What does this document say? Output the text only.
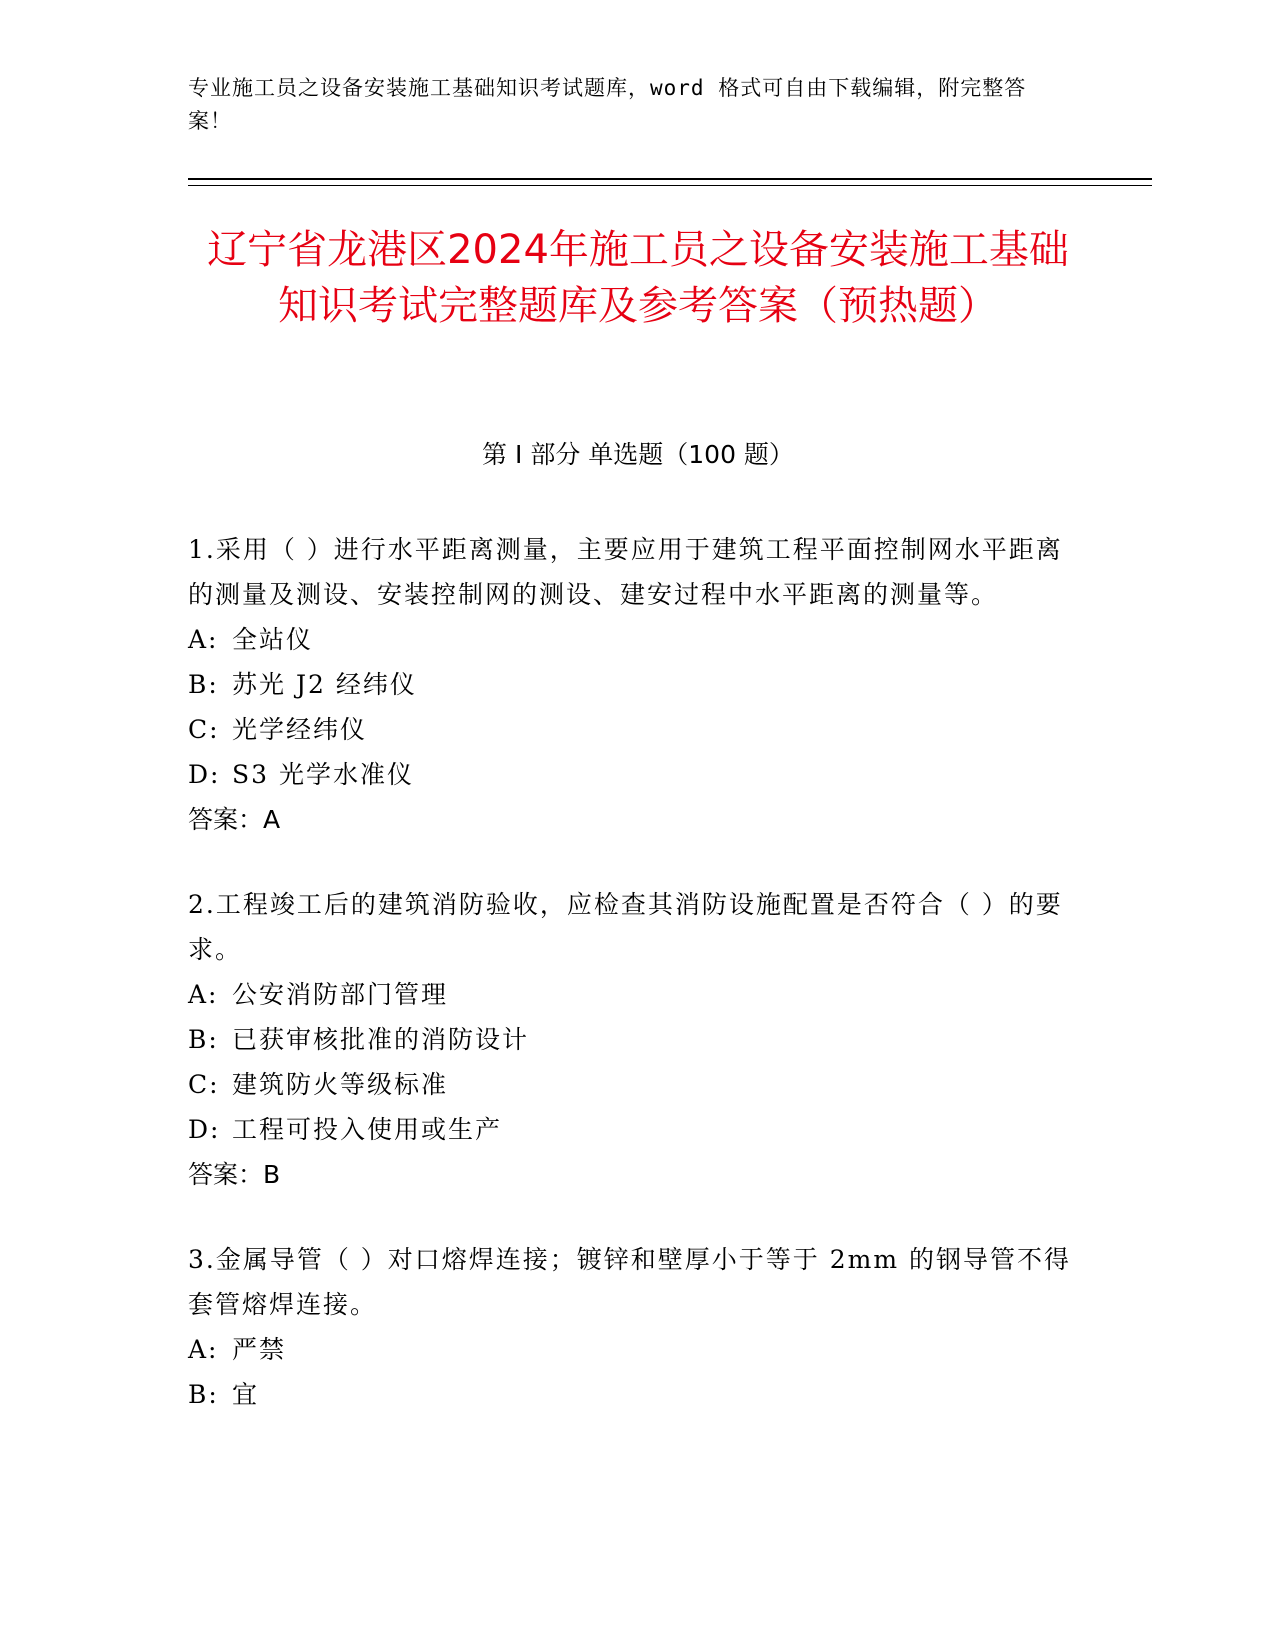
专业施工员之设备安装施工基础知识考试题库，word 格式可自由下载编辑，附完整答案！
辽宁省龙港区2024年施工员之设备安装施工基础知识考试完整题库及参考答案（预热题）
第 I 部分 单选题（100 题）
1.采用（ ）进行水平距离测量，主要应用于建筑工程平面控制网水平距离的测量及测设、安装控制网的测设、建安过程中水平距离的测量等。
A: 全站仪
B: 苏光 J2 经纬仪
C: 光学经纬仪
D: S3 光学水准仪
答案：A
2.工程竣工后的建筑消防验收，应检查其消防设施配置是否符合（ ）的要求。
A: 公安消防部门管理
B: 已获审核批准的消防设计
C: 建筑防火等级标准
D: 工程可投入使用或生产
答案：B
3.金属导管（ ）对口熔焊连接；镀锌和壁厚小于等于 2mm 的钢导管不得套管熔焊连接。
A: 严禁
B: 宜
